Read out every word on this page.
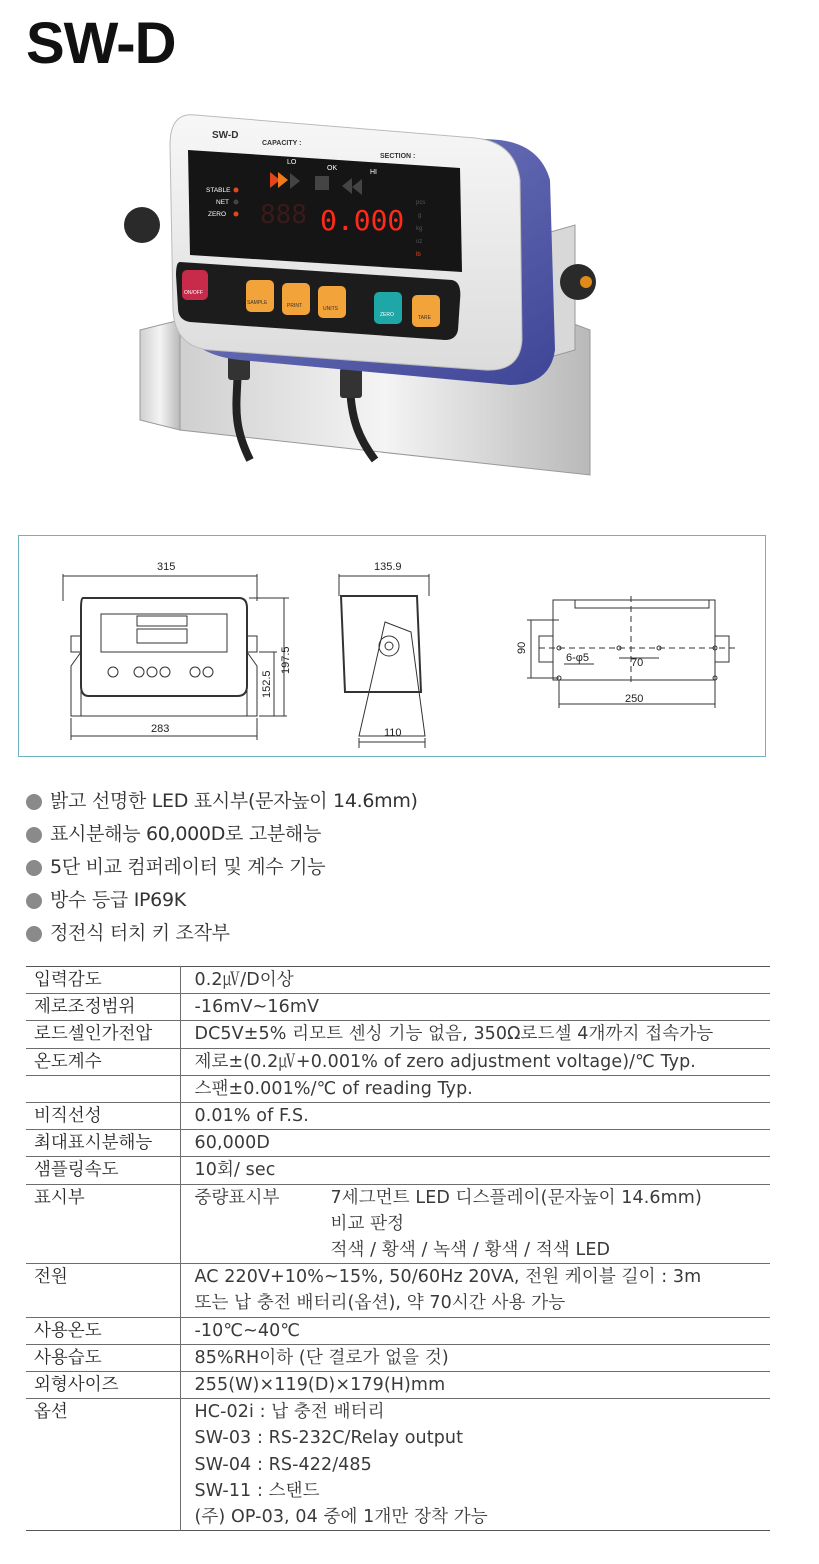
SW-D
SW-D
CAPACITY :
SECTION :
LO
OK
HI
STABLE
NET
ZERO 888 0.000
pcs
g
kg
oz
lb
ON/OFF
SAMPLE	PRINT	UNITS
ZERO	TARE
315
283
152.5
197.5
135.9
110
90
6-φ5	70
250
밝고 선명한 LED 표시부(문자높이 14.6mm)
표시분해능 60,000D로 고분해능
5단 비교 컴퍼레이터 및 계수 기능
방수 등급 IP69K
정전식 터치 키 조작부
입력감도	0.2㎶/D이상
제로조정범위	-16mV~16mV
로드셀인가전압	DC5V±5% 리모트 센싱 기능 없음, 350Ω로드셀 4개까지 접속가능
온도계수	제로±(0.2㎶+0.001% of zero adjustment voltage)/℃ Typ.
	스팬±0.001%/℃ of reading Typ.
비직선성	0.01% of F.S.
최대표시분해능	60,000D
샘플링속도	10회/ sec
표시부	중량표시부 7세그먼트 LED 디스플레이(문자높이 14.6mm)
비교 판정
적색 / 황색 / 녹색 / 황색 / 적색 LED

전원	AC 220V+10%~15%, 50/60Hz 20VA, 전원 케이블 길이 : 3m
또는 납 충전 배터리(옵션), 약 70시간 사용 가능

사용온도	-10℃~40℃
사용습도	85%RH이하 (단 결로가 없을 것)
외형사이즈	255(W)×119(D)×179(H)mm
옵션	HC-02i : 납 충전 배터리
SW-03 : RS-232C/Relay output
SW-04 : RS-422/485
SW-11 : 스탠드
(주) OP-03, 04 중에 1개만 장착 가능
